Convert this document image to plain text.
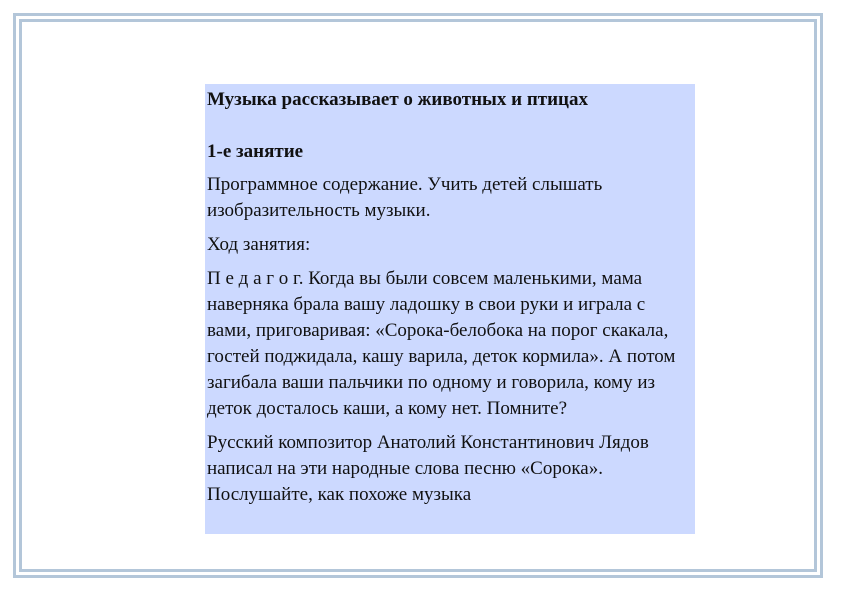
Музыка рассказывает о животных и птицах

1-е занятие

Программное содержание. Учить детей слышать изобразительность музыки.

Ход занятия:

П е д а г о г. Когда вы были совсем маленькими, мама наверняка брала вашу ладошку в свои руки и играла с вами, приговаривая: «Сорока-белобока на порог скакала, гостей поджидала, кашу варила, деток кормила». А потом загибала ваши пальчики по одному и говорила, кому из деток досталось каши, а кому нет. Помните?

Русский композитор Анатолий Константинович Лядов написал на эти народные слова песню «Сорока». Послушайте, как похоже музыка
